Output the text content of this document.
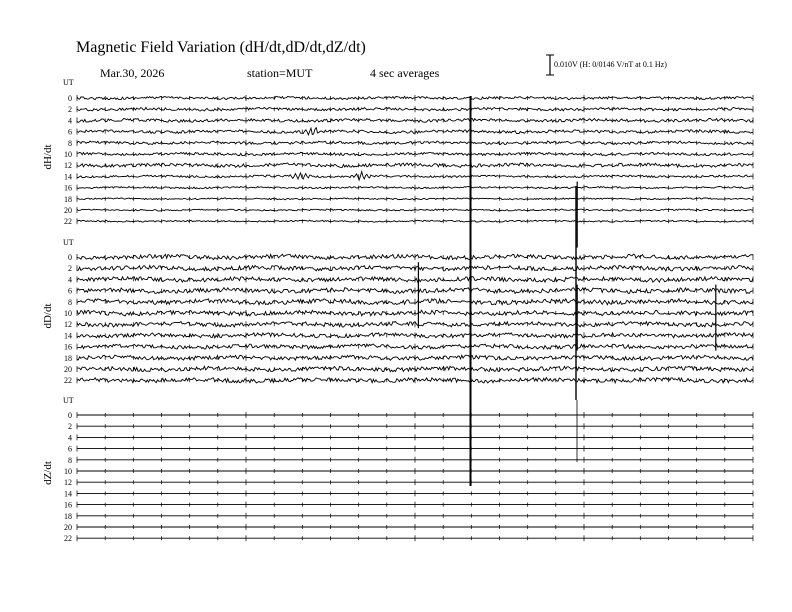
Magnetic Field Variation (dH/dt,dD/dt,dZ/dt)
Mar.30, 2026	station=MUT	4 sec averages
0.010V (H: 0/0146 V/nT at 0.1 Hz)
UT
dH/dt
0
2
4
6
8
10
12
14
16
18
20
22
UT
dD/dt
0
2
4
6
8
10
12
14
16
18
20
22
UT
dZ/dt
0
2
4
6
8
10
12
14
16
18
20
22
